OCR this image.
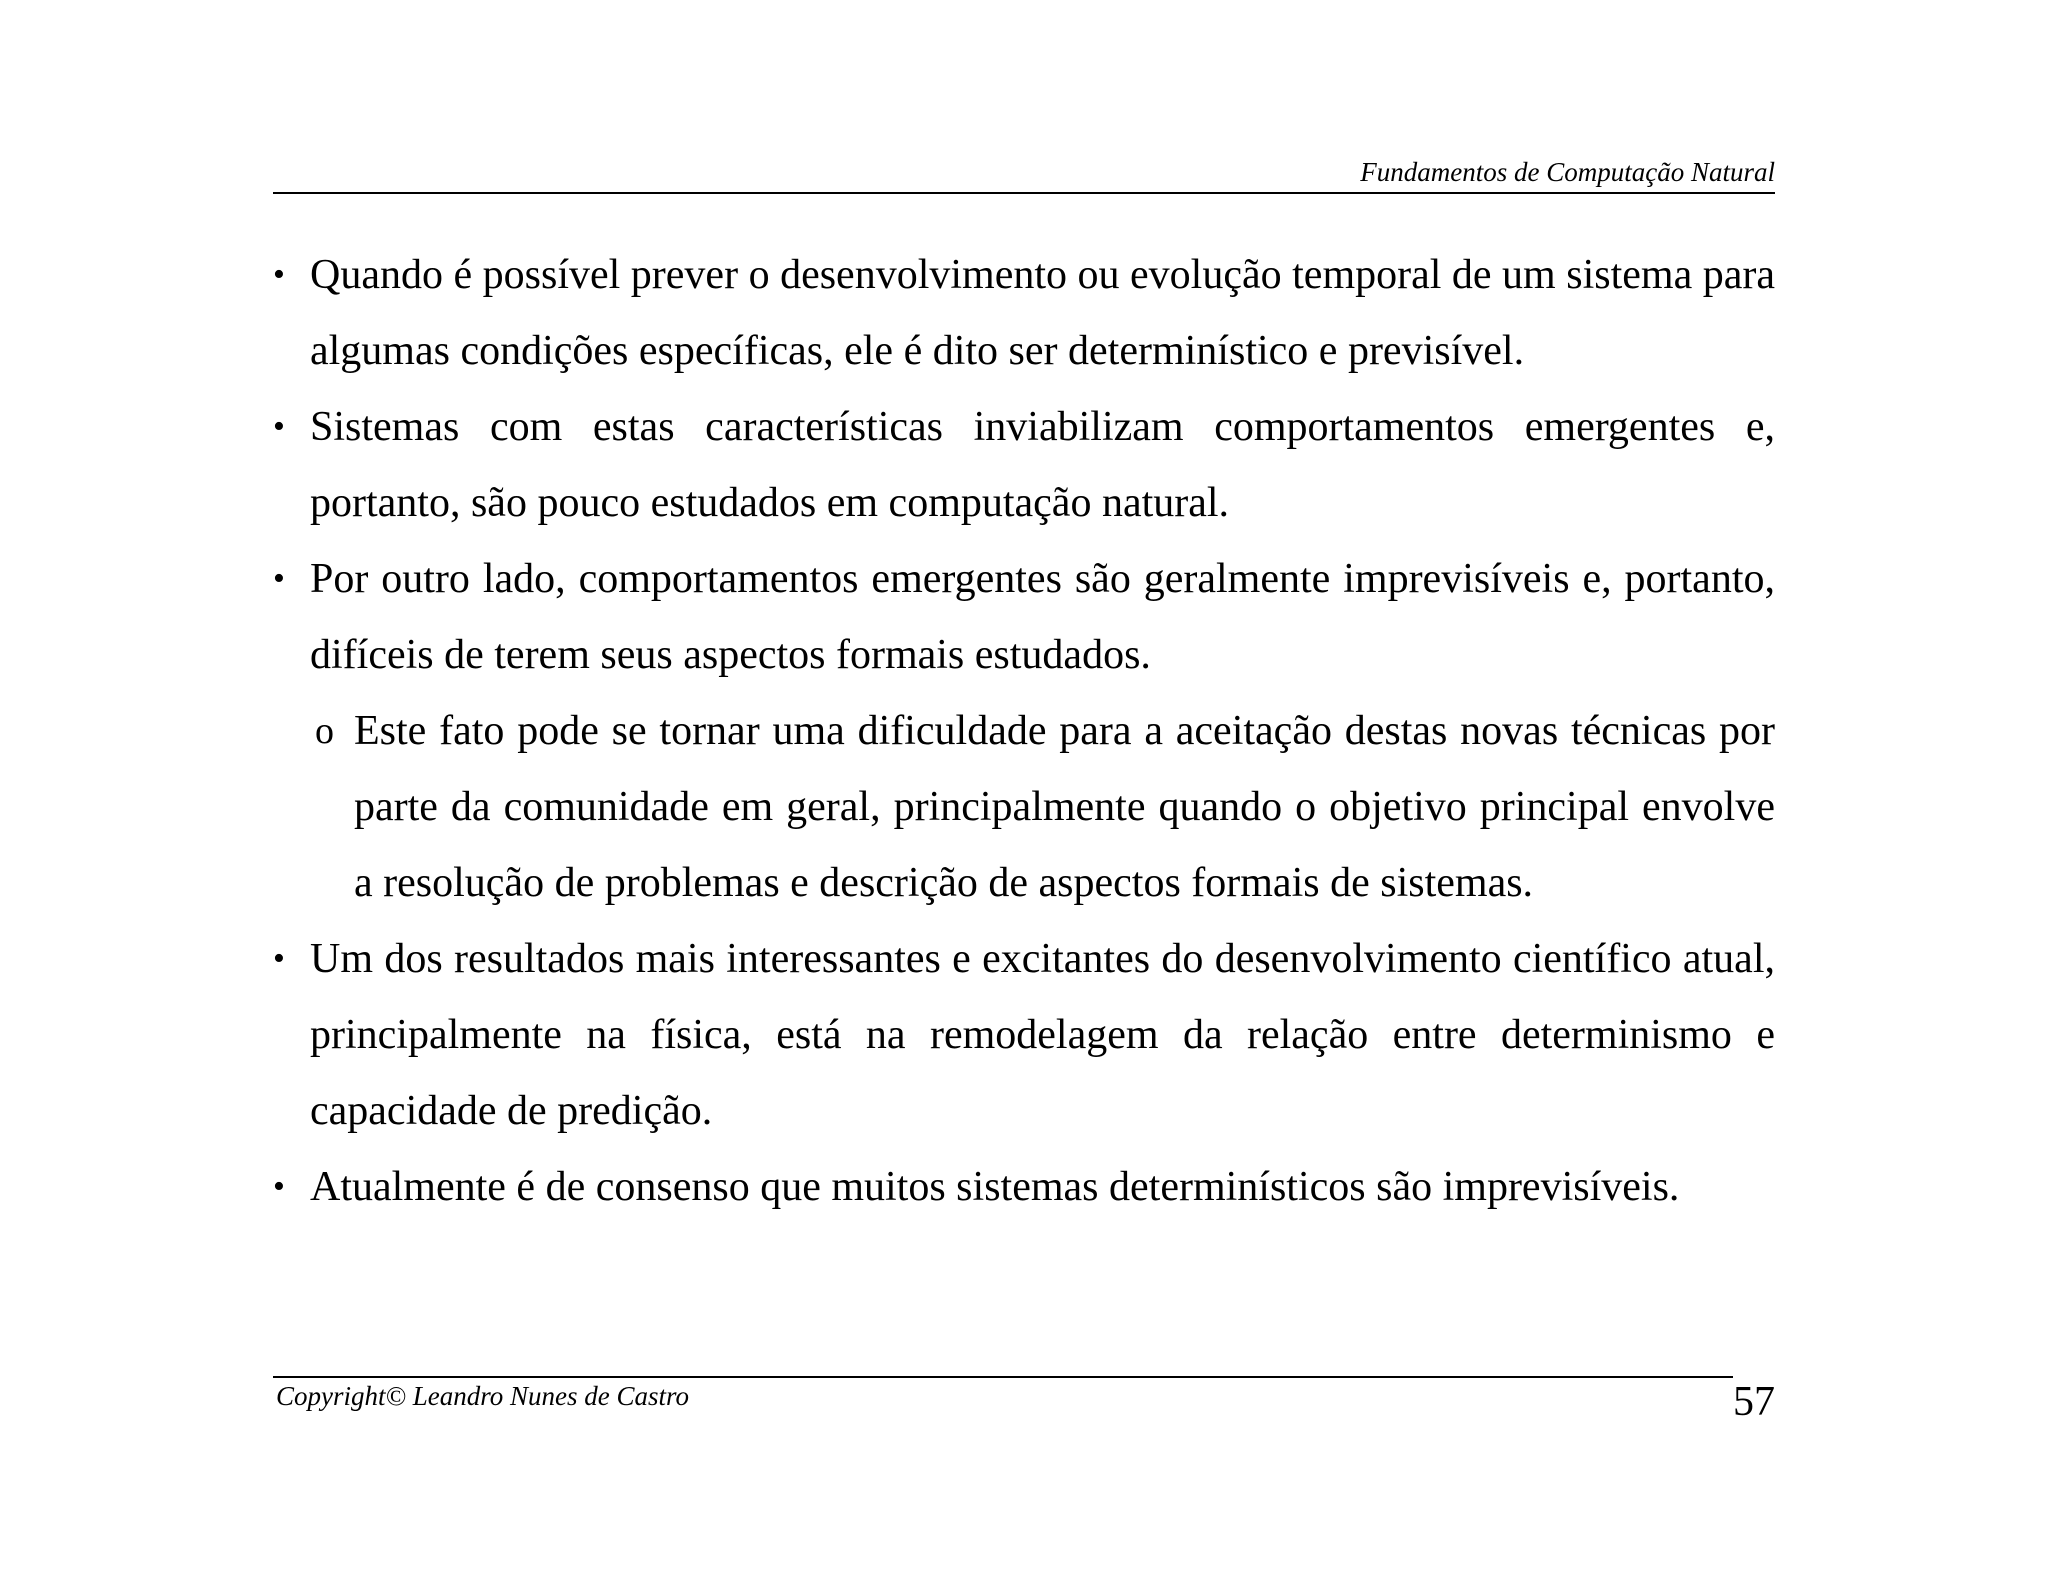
Fundamentos de Computação Natural
• Quando é possível prever o desenvolvimento ou evolução temporal de um sistema para algumas condições específicas, ele é dito ser determinístico e previsível.
• Sistemas com estas características inviabilizam comportamentos emergentes e, portanto, são pouco estudados em computação natural.
• Por outro lado, comportamentos emergentes são geralmente imprevisíveis e, portanto, difíceis de terem seus aspectos formais estudados.
o Este fato pode se tornar uma dificuldade para a aceitação destas novas técnicas por parte da comunidade em geral, principalmente quando o objetivo principal envolve a resolução de problemas e descrição de aspectos formais de sistemas.
• Um dos resultados mais interessantes e excitantes do desenvolvimento científico atual, principalmente na física, está na remodelagem da relação entre determinismo e capacidade de predição.
• Atualmente é de consenso que muitos sistemas determinísticos são imprevisíveis.
Copyright© Leandro Nunes de Castro	57
